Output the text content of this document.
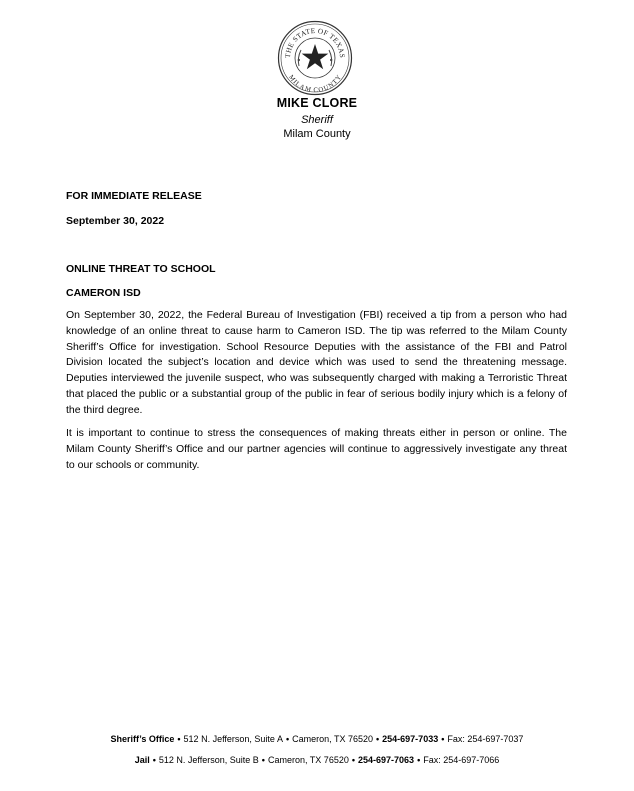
THE STATE OF TEXAS
MILAM COUNTY
MIKE CLORE
Sheriff
Milam County
FOR IMMEDIATE RELEASE
September 30, 2022
ONLINE THREAT TO SCHOOL
CAMERON ISD

On September 30, 2022, the Federal Bureau of Investigation (FBI) received a tip from a person who had knowledge of an online threat to cause harm to Cameron ISD. The tip was referred to the Milam County Sheriff’s Office for investigation. School Resource Deputies with the assistance of the FBI and Patrol Division located the subject’s location and device which was used to send the threatening message. Deputies interviewed the juvenile suspect, who was subsequently charged with making a Terroristic Threat that placed the public or a substantial group of the public in fear of serious bodily injury which is a felony of the third degree.

It is important to continue to stress the consequences of making threats either in person or online. The Milam County Sheriff’s Office and our partner agencies will continue to aggressively investigate any threat to our schools or community.

Sheriff’s Office • 512 N. Jefferson, Suite A • Cameron, TX 76520 • 254-697-7033 • Fax: 254-697-7037
Jail • 512 N. Jefferson, Suite B • Cameron, TX 76520 • 254-697-7063 • Fax: 254-697-7066
